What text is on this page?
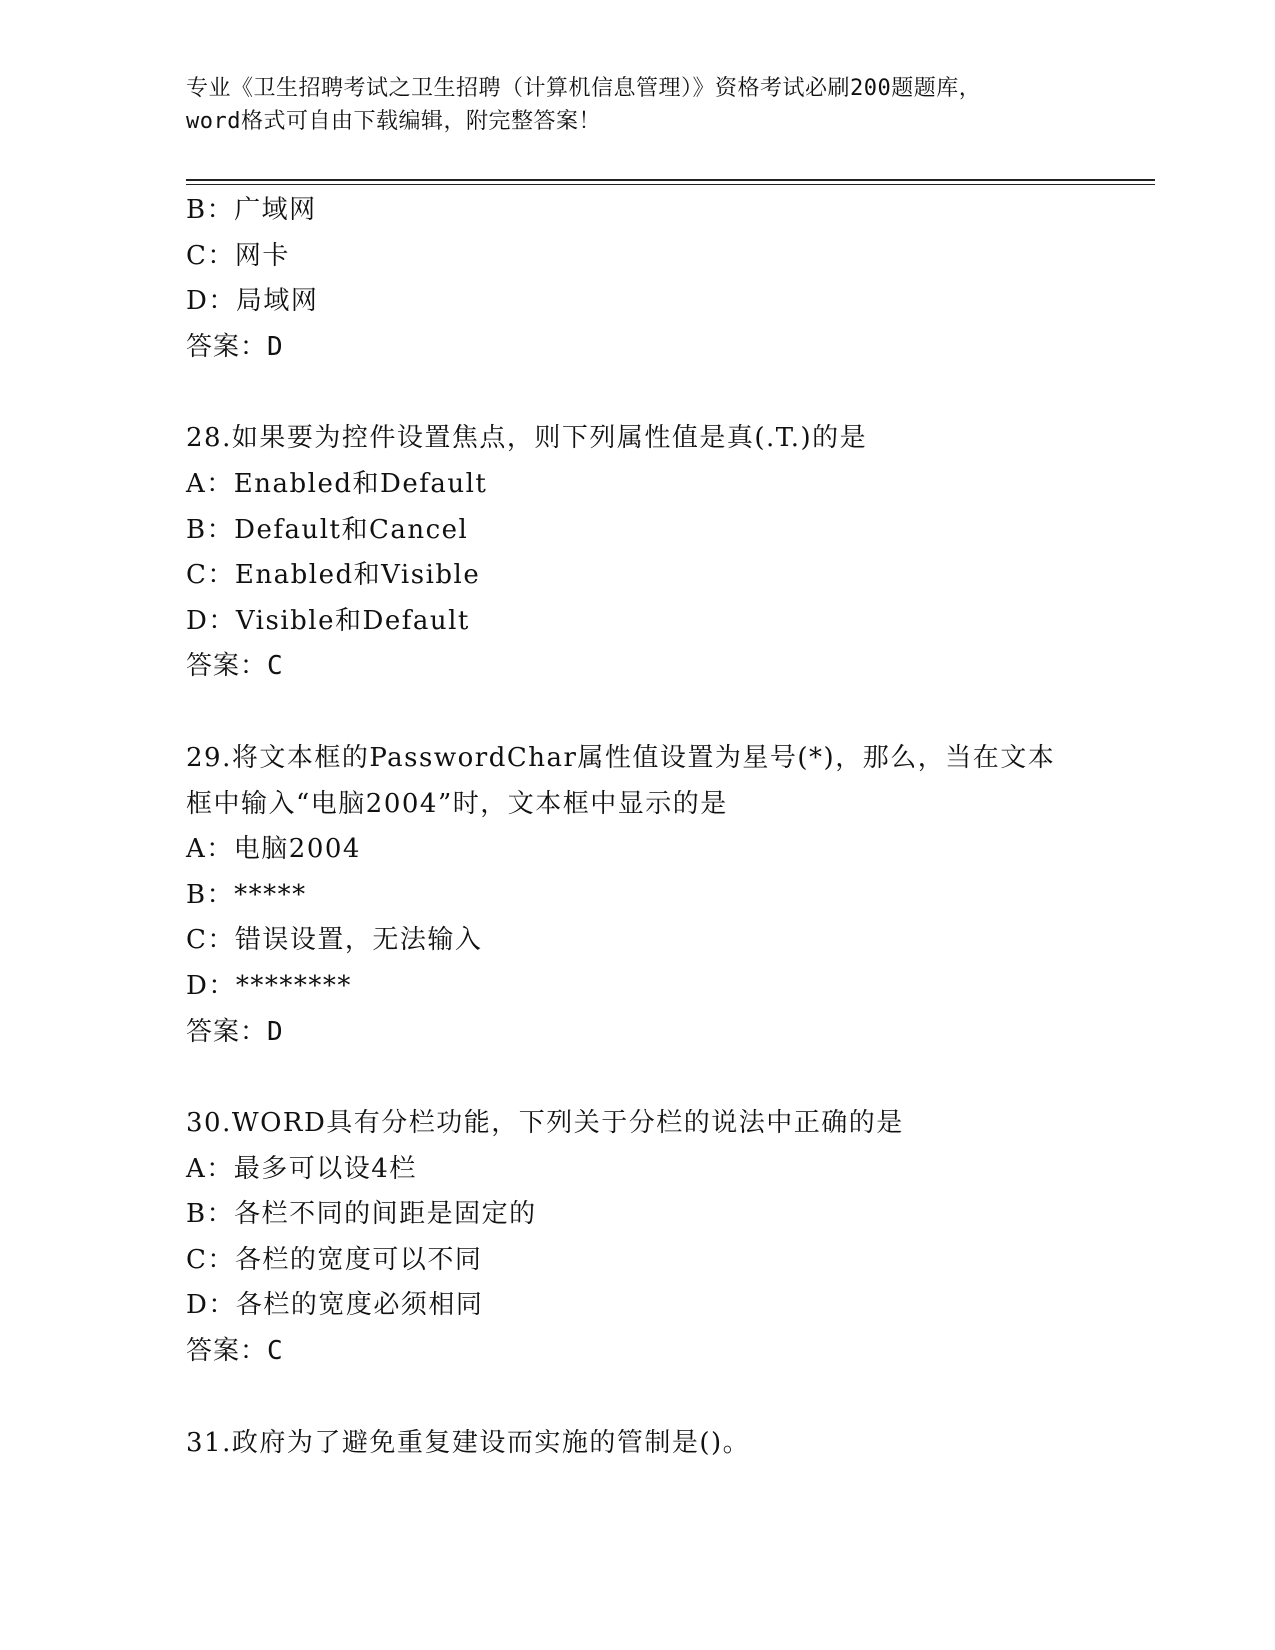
专业《卫生招聘考试之卫生招聘（计算机信息管理）》资格考试必刷200题题库，
word格式可自由下载编辑，附完整答案！
B：广域网
C：网卡
D：局域网
答案：D
28.如果要为控件设置焦点，则下列属性值是真(.T.)的是
A：Enabled和Default
B：Default和Cancel
C：Enabled和Visible
D：Visible和Default
答案：C
29.将文本框的PasswordChar属性值设置为星号(*)，那么，当在文本
框中输入“电脑2004”时，文本框中显示的是
A：电脑2004
B：*****
C：错误设置，无法输入
D：********
答案：D
30.WORD具有分栏功能，下列关于分栏的说法中正确的是
A：最多可以设4栏
B：各栏不同的间距是固定的
C：各栏的宽度可以不同
D：各栏的宽度必须相同
答案：C
31.政府为了避免重复建设而实施的管制是()。
